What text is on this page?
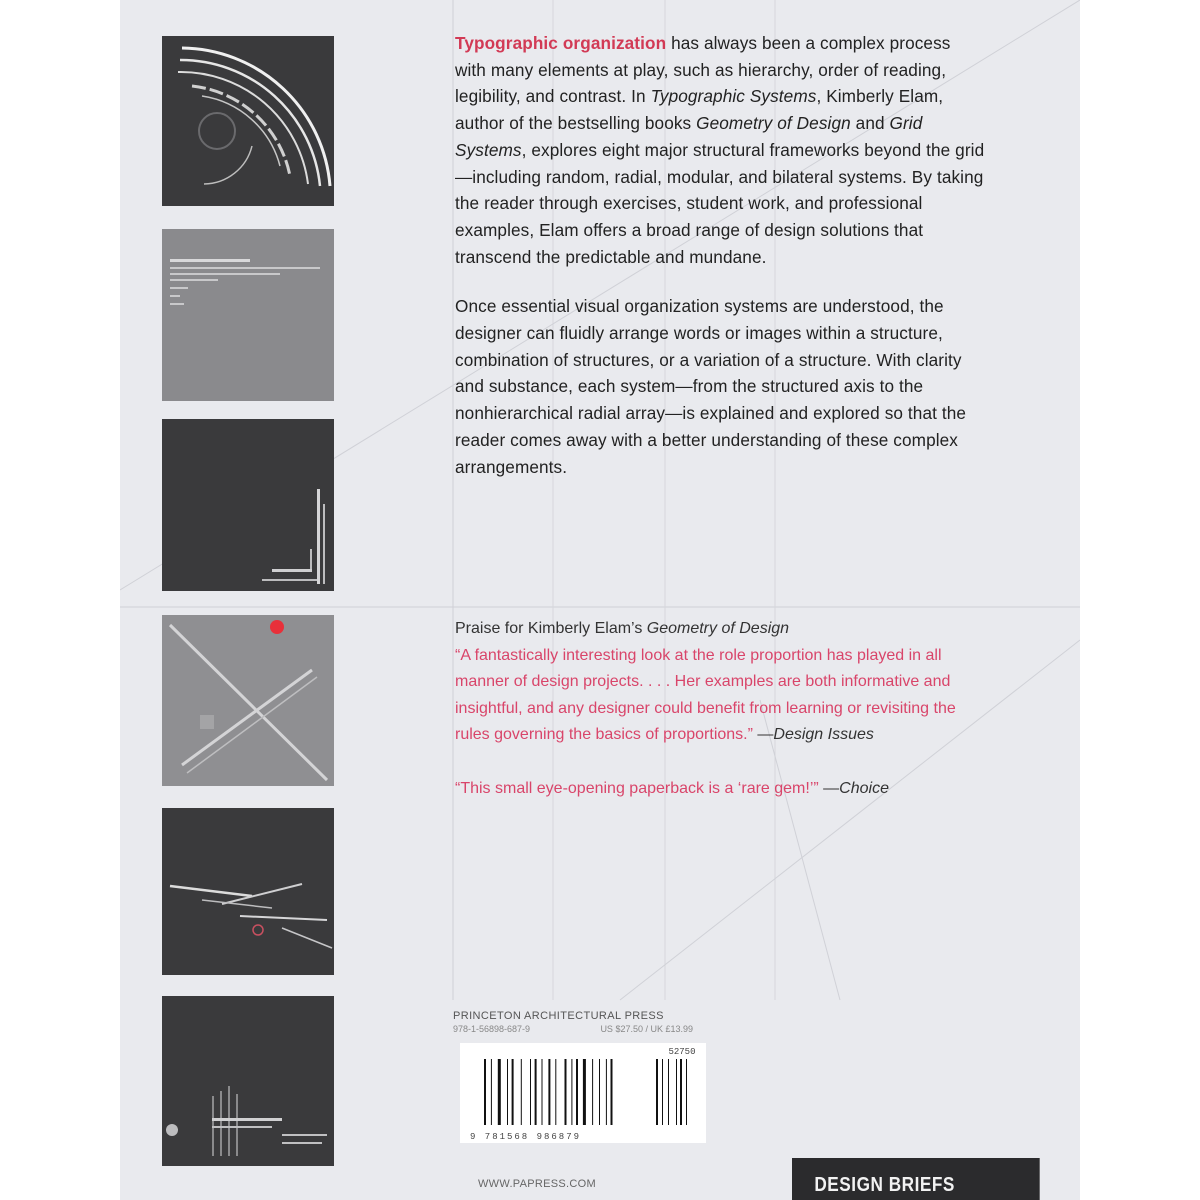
Typographic organization has always been a complex process with many elements at play, such as hierarchy, order of reading, legibility, and contrast. In Typographic Systems, Kimberly Elam, author of the bestselling books Geometry of Design and Grid Systems, explores eight major structural frameworks beyond the grid—including random, radial, modular, and bilateral systems. By taking the reader through exercises, student work, and professional examples, Elam offers a broad range of design solutions that transcend the predictable and mundane.

Once essential visual organization systems are understood, the designer can fluidly arrange words or images within a structure, combination of structures, or a variation of a structure. With clarity and substance, each system—from the structured axis to the nonhierarchical radial array—is explained and explored so that the reader comes away with a better understanding of these complex arrangements.

Praise for Kimberly Elam’s Geometry of Design

“A fantastically interesting look at the role proportion has played in all manner of design projects. . . . Her examples are both informative and insightful, and any designer could benefit from learning or revisiting the rules governing the basics of proportions.” —Design Issues

“This small eye-opening paperback is a ‘rare gem!’” —Choice

PRINCETON ARCHITECTURAL PRESS
978-1-56898-687-9	US $27.50 / UK £13.99
52750
9 781568 986879
WWW.PAPRESS.COM	DESIGN BRIEFS
